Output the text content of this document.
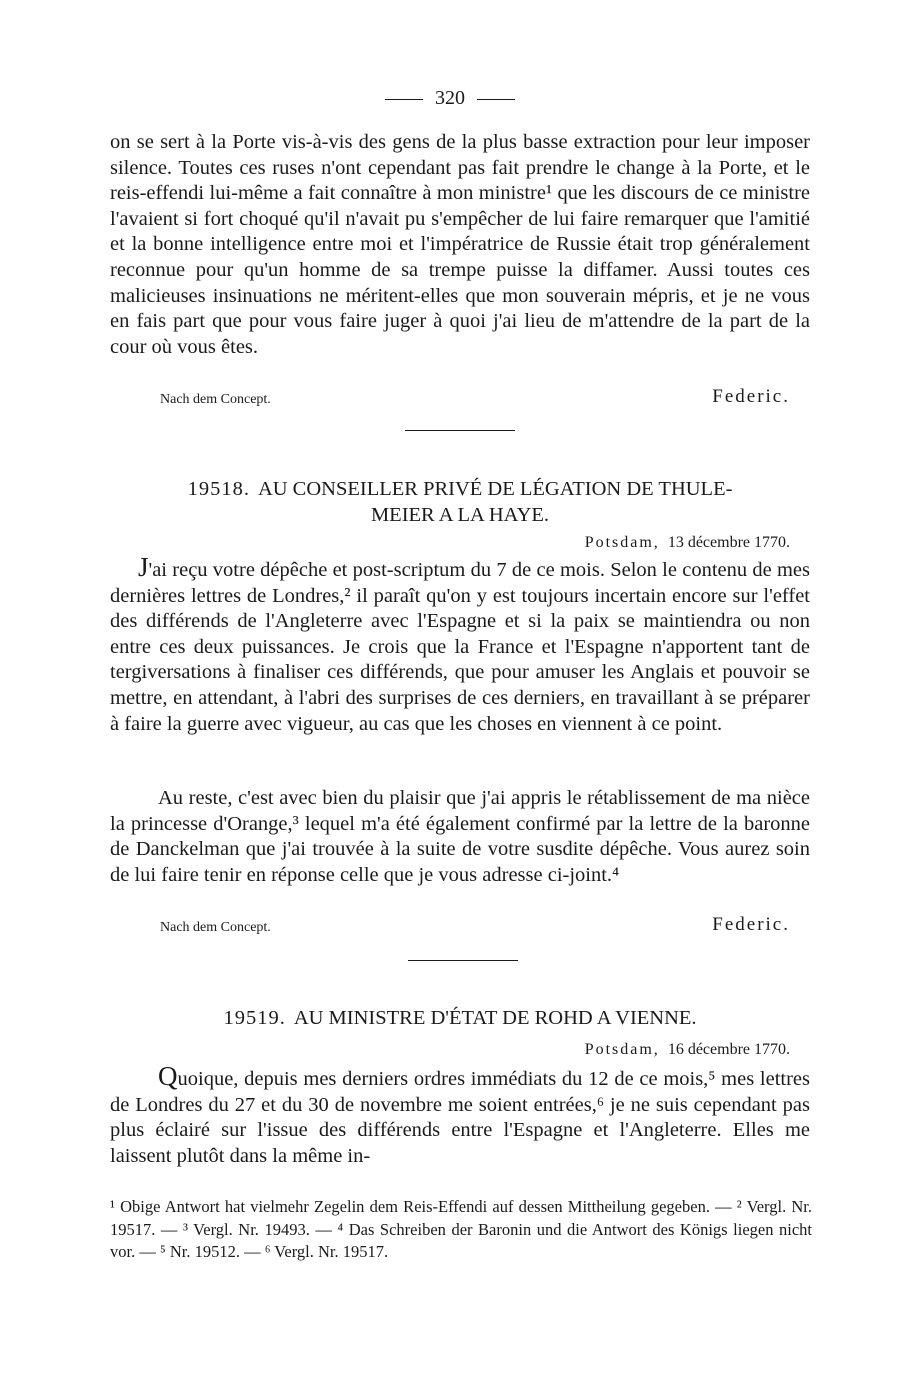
320

on se sert à la Porte vis-à-vis des gens de la plus basse extraction pour leur imposer silence. Toutes ces ruses n'ont cependant pas fait prendre le change à la Porte, et le reis-effendi lui-même a fait connaître à mon ministre¹ que les discours de ce ministre l'avaient si fort choqué qu'il n'avait pu s'empêcher de lui faire remarquer que l'amitié et la bonne intelligence entre moi et l'impératrice de Russie était trop généralement reconnue pour qu'un homme de sa trempe puisse la diffamer. Aussi toutes ces malicieuses insinuations ne méritent-elles que mon souverain mépris, et je ne vous en fais part que pour vous faire juger à quoi j'ai lieu de m'attendre de la part de la cour où vous êtes.

Nach dem Concept.	Federic.
19518. AU CONSEILLER PRIVÉ DE LÉGATION DE THULE-
MEIER A LA HAYE.
Potsdam, 13 décembre 1770.

J'ai reçu votre dépêche et post-scriptum du 7 de ce mois. Selon le contenu de mes dernières lettres de Londres,² il paraît qu'on y est toujours incertain encore sur l'effet des différends de l'Angleterre avec l'Espagne et si la paix se maintiendra ou non entre ces deux puissances. Je crois que la France et l'Espagne n'apportent tant de tergiversations à finaliser ces différends, que pour amuser les Anglais et pouvoir se mettre, en attendant, à l'abri des surprises de ces derniers, en travaillant à se préparer à faire la guerre avec vigueur, au cas que les choses en viennent à ce point.

Au reste, c'est avec bien du plaisir que j'ai appris le rétablissement de ma nièce la princesse d'Orange,³ lequel m'a été également confirmé par la lettre de la baronne de Danckelman que j'ai trouvée à la suite de votre susdite dépêche. Vous aurez soin de lui faire tenir en réponse celle que je vous adresse ci-joint.⁴

Nach dem Concept.	Federic.
19519. AU MINISTRE D'ÉTAT DE ROHD A VIENNE.
Potsdam, 16 décembre 1770.

Quoique, depuis mes derniers ordres immédiats du 12 de ce mois,⁵ mes lettres de Londres du 27 et du 30 de novembre me soient entrées,⁶ je ne suis cependant pas plus éclairé sur l'issue des différends entre l'Espagne et l'Angleterre. Elles me laissent plutôt dans la même in-

¹ Obige Antwort hat vielmehr Zegelin dem Reis-Effendi auf dessen Mittheilung gegeben. — ² Vergl. Nr. 19517. — ³ Vergl. Nr. 19493. — ⁴ Das Schreiben der Baronin und die Antwort des Königs liegen nicht vor. — ⁵ Nr. 19512. — ⁶ Vergl. Nr. 19517.
